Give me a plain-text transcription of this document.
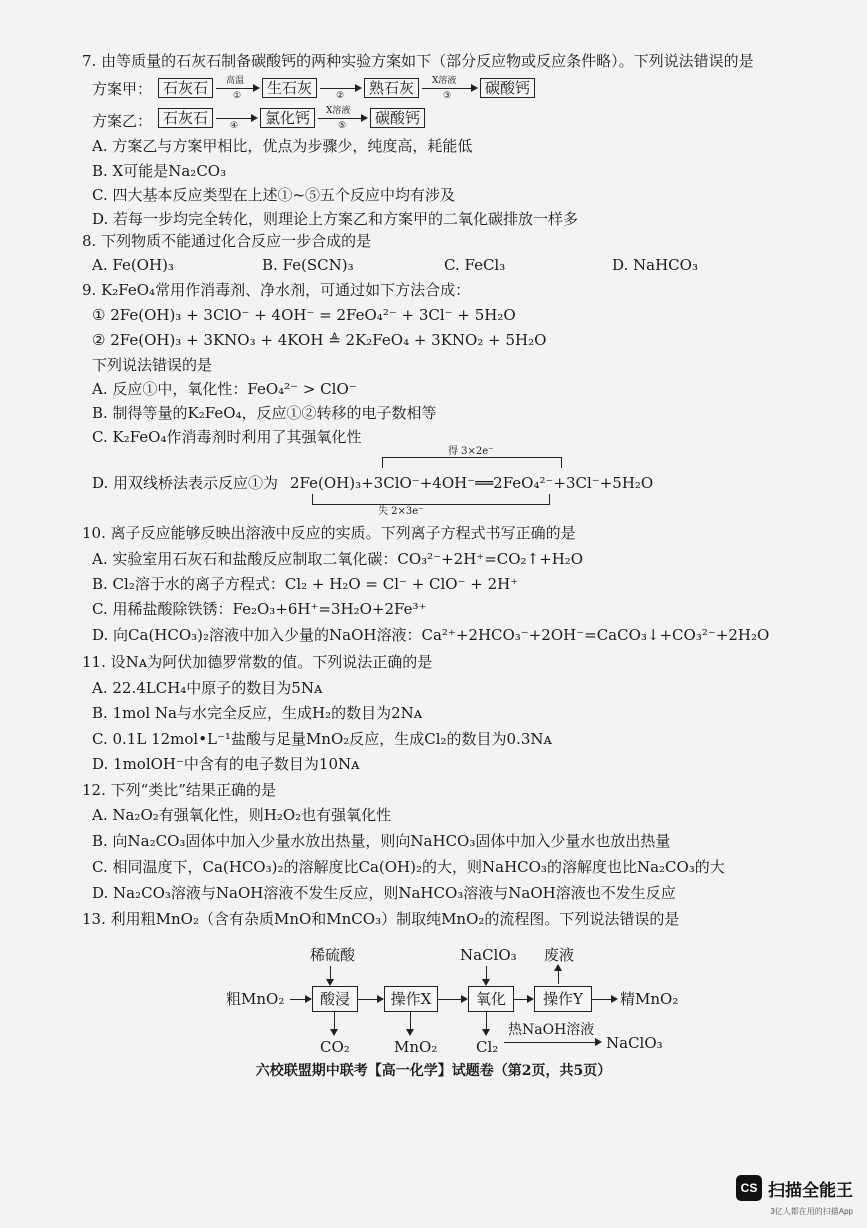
7. 由等质量的石灰石制备碳酸钙的两种实验方案如下（部分反应物或反应条件略）。下列说法错误的是
方案甲： 石灰石	高温
①	生石灰	②	熟石灰	X溶液
③	碳酸钙
方案乙： 石灰石	④	氯化钙	X溶液
⑤	碳酸钙
A. 方案乙与方案甲相比，优点为步骤少，纯度高，耗能低
B. X可能是Na₂CO₃
C. 四大基本反应类型在上述①~⑤五个反应中均有涉及
D. 若每一步均完全转化，则理论上方案乙和方案甲的二氧化碳排放一样多
8. 下列物质不能通过化合反应一步合成的是
A. Fe(OH)₃	B. Fe(SCN)₃	C. FeCl₃	D. NaHCO₃
9. K₂FeO₄常用作消毒剂、净水剂，可通过如下方法合成：
① 2Fe(OH)₃ + 3ClO⁻ + 4OH⁻ = 2FeO₄²⁻ + 3Cl⁻ + 5H₂O
② 2Fe(OH)₃ + 3KNO₃ + 4KOH ≜ 2K₂FeO₄ + 3KNO₂ + 5H₂O
下列说法错误的是
A. 反应①中，氧化性：FeO₄²⁻ > ClO⁻
B. 制得等量的K₂FeO₄，反应①②转移的电子数相等
C. K₂FeO₄作消毒剂时利用了其强氧化性
得 3×2e⁻
D. 用双线桥法表示反应①为 2Fe(OH)₃+3ClO⁻+4OH⁻══2FeO₄²⁻+3Cl⁻+5H₂O
失 2×3e⁻
10. 离子反应能够反映出溶液中反应的实质。下列离子方程式书写正确的是
A. 实验室用石灰石和盐酸反应制取二氧化碳：CO₃²⁻+2H⁺=CO₂↑+H₂O
B. Cl₂溶于水的离子方程式：Cl₂ + H₂O = Cl⁻ + ClO⁻ + 2H⁺
C. 用稀盐酸除铁锈：Fe₂O₃+6H⁺=3H₂O+2Fe³⁺
D. 向Ca(HCO₃)₂溶液中加入少量的NaOH溶液：Ca²⁺+2HCO₃⁻+2OH⁻=CaCO₃↓+CO₃²⁻+2H₂O
11. 设Nᴀ为阿伏加德罗常数的值。下列说法正确的是
A. 22.4LCH₄中原子的数目为5Nᴀ
B. 1mol Na与水完全反应，生成H₂的数目为2Nᴀ
C. 0.1L 12mol•L⁻¹盐酸与足量MnO₂反应，生成Cl₂的数目为0.3Nᴀ
D. 1molOH⁻中含有的电子数目为10Nᴀ
12. 下列“类比”结果正确的是
A. Na₂O₂有强氧化性，则H₂O₂也有强氧化性
B. 向Na₂CO₃固体中加入少量水放出热量，则向NaHCO₃固体中加入少量水也放出热量
C. 相同温度下，Ca(HCO₃)₂的溶解度比Ca(OH)₂的大，则NaHCO₃的溶解度也比Na₂CO₃的大
D. Na₂CO₃溶液与NaOH溶液不发生反应，则NaHCO₃溶液与NaOH溶液也不发生反应
13. 利用粗MnO₂（含有杂质MnO和MnCO₃）制取纯MnO₂的流程图。下列说法错误的是
稀硫酸	NaClO₃ 废液
粗MnO₂	酸浸	操作X	氧化	操作Y	精MnO₂
CO₂	MnO₂	Cl₂
热NaOH溶液
NaClO₃
六校联盟期中联考【高一化学】试题卷（第2页，共5页）
CS 扫描全能王
3亿人都在用的扫描App
